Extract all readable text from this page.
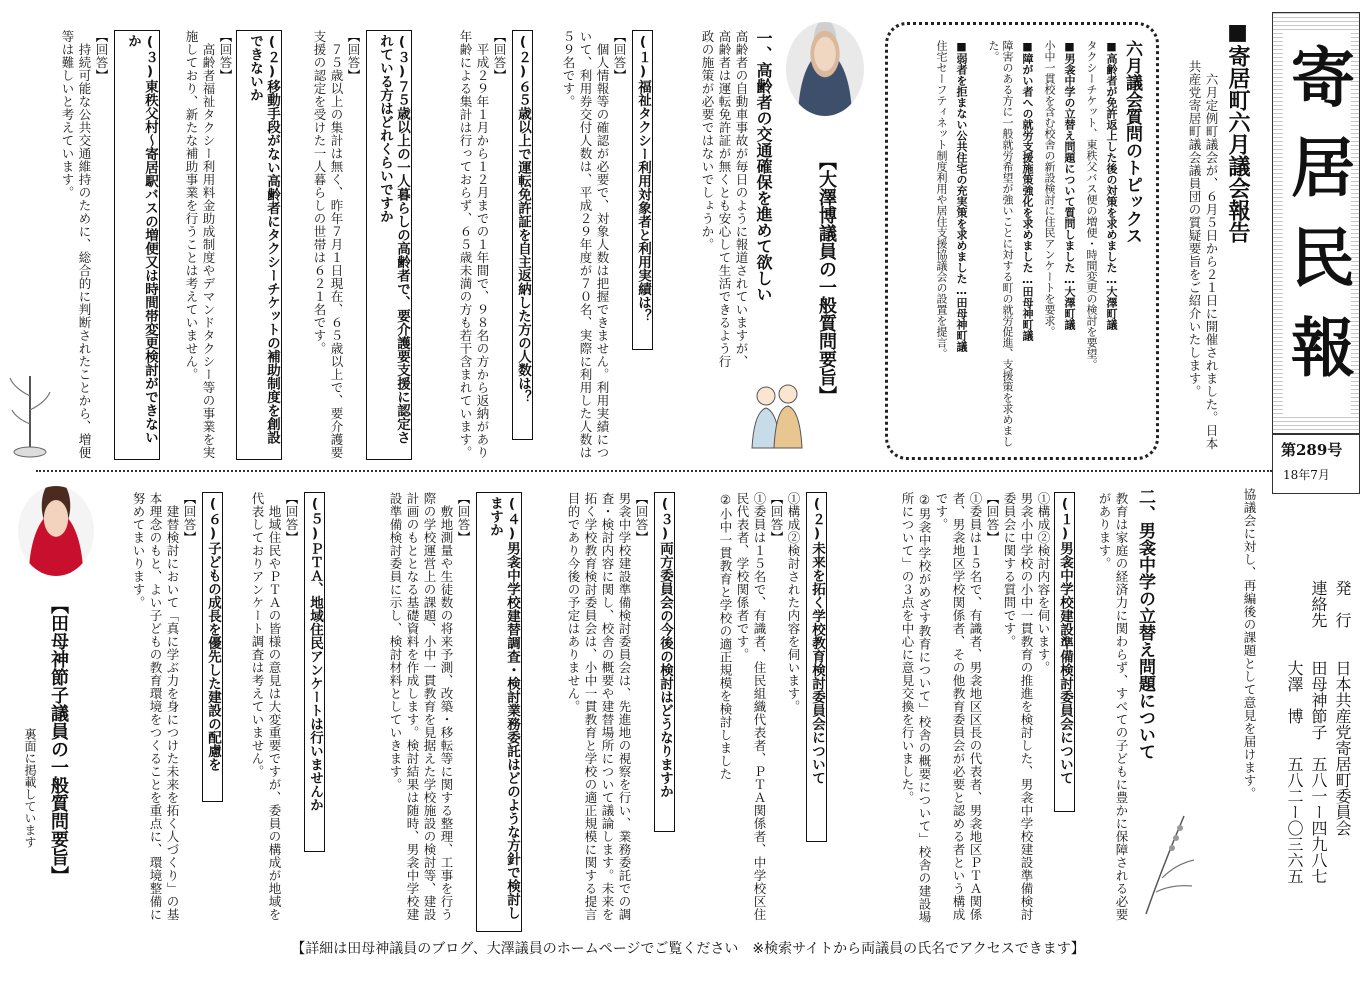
寄居民報
第289号
18年7月
発　行　　日本共産党寄居町委員会
連絡先　　田母神節子　五八一ー四九八七
　　　　　大澤　博　　五八二ー〇三六五
■寄居町六月議会報告
　六月定例町議会が、６月５日から２１日に開催されました。日本共産党寄居町議会議員団の質疑要旨をご紹介いたします。
六月議会質問のトピックス
■高齢者が免許返上した後の対策を求めました…大澤町議
タクシーチケット、東秩父バス便の増便・時間変更の検討を要望。
■男衾中学の立替え問題について質問しました…大澤町議
小中一貫校を含む校舎の新設検討に住民アンケートを要求。
■障がい者への就労支援施策強化を求めました…田母神町議
障害のある方に一般就労希望が強いことに対する町の就労促進、支援策を求めました。
■弱者を拒まない公共住宅の充実策を求めました…田母神町議
住宅セーフティネット制度利用や居住支援協議会の設置を提言。
【大澤博議員の一般質問要旨】
一、高齢者の交通確保を進めて欲しい
高齢者の自動車事故が毎日のように報道されていますが、高齢者は運転免許証が無くとも安心して生活できるよう行政の施策が必要ではないでしょうか。
(１)福祉タクシー利用対象者と利用実績は？
【回答】
　個人情報等の確認が必要で、対象人数は把握できません。利用実績について、利用券交付人数は、平成２９年度が７０名、実際に利用した人数は５９名です。
(２)６５歳以上で運転免許証を自主返納した方の人数は？
【回答】
　平成２９年１月から１２月までの１年間で、９８名の方から返納があり年齢による集計は行っておらず、６５歳未満の方も若干含まれています。
(３)７５歳以上の一人暮らしの高齢者で、要介護要支援に認定されている方はどれくらいですか
【回答】
　７５歳以上の集計は無く、昨年７月１日現在、６５歳以上で、要介護要支援の認定を受けた一人暮らしの世帯は６２１名です。
(２)移動手段がない高齢者にタクシーチケットの補助制度を創設できないか
【回答】
　高齢者福祉タクシー利用料金助成制度やデマンドタクシー等の事業を実施しており、新たな補助事業を行うことは考えていません。
(３)東秩父村～寄居駅バスの増便又は時間帯変更検討ができないか
【回答】
　持続可能な公共交通維持のために、総合的に判断されたことから、増便等は難しいと考えています。
協議会に対し、再編後の課題として意見を届けます。
二、男衾中学の立替え問題について
教育は家庭の経済力に関わらず、すべての子どもに豊かに保障される必要があります。
(１)男衾中学校建設準備検討委員会について
①構成②検討内容を伺います。
男衾小中学校の小中一貫教育の推進を検討した、男衾中学校建設準備検討委員会に関する質問です。
【回答】
①委員は１５名で、有識者、男衾地区区長の代表者、男衾地区ＰＴＡ関係者、男衾地区学校関係者、その他教育委員会が必要と認める者という構成です。
②男衾中学校がめざす教育について」校舎の概要について」校舎の建設場所について」の３点を中心に意見交換を行いました。
(２)未来を拓く学校教育検討委員会について
①構成②検討された内容を伺います。
【回答】
①委員は１５名で、有識者、住民組織代表者、ＰＴＡ関係者、中学校区住民代表者、学校関係者です。
②小中一貫教育と学校の適正規模を検討しました
(３)両方委員会の今後の検討はどうなりますか
【回答】
男衾中学校建設準備検討委員会は、先進地の視察を行い、業務委託での調査・検討内容に関し、校舎の概要や建替場所について議論します。未来を拓く学校教育検討委員会は、小中一貫教育と学校の適正規模に関する提言目的であり今後の予定はありません。
(４)男衾中学校建替調査・検討業務委託はどのような方針で検討しますか
【回答】
　敷地測量や生徒数の将来予測、改築・移転等に関する整理、工事を行う際の学校運営上の課題、小中一貫教育を見据えた学校施設の検討等、建設計画のもととなる基礎資料を作成します。検討結果は随時、男衾中学校建設準備検討委員に示し、検討材料としていきます。
(５)ＰＴＡ、地域住民アンケートは行いませんか
【回答】
　地域住民やＰＴＡの皆様の意見は大変重要ですが、委員の構成が地域を代表しておりアンケート調査は考えていません。
(６)子どもの成長を優先した建設の配慮を
【回答】
　建替検討において「真に学ぶ力を身につけた未来を拓く人づくり」の基本理念のもと、よい子どもの教育環境をつくることを重点に、環境整備に努めてまいります。
【田母神節子議員の一般質問要旨】
裏面に掲載しています
【詳細は田母神議員のブログ、大澤議員のホームページでご覧ください　※検索サイトから両議員の氏名でアクセスできます】
